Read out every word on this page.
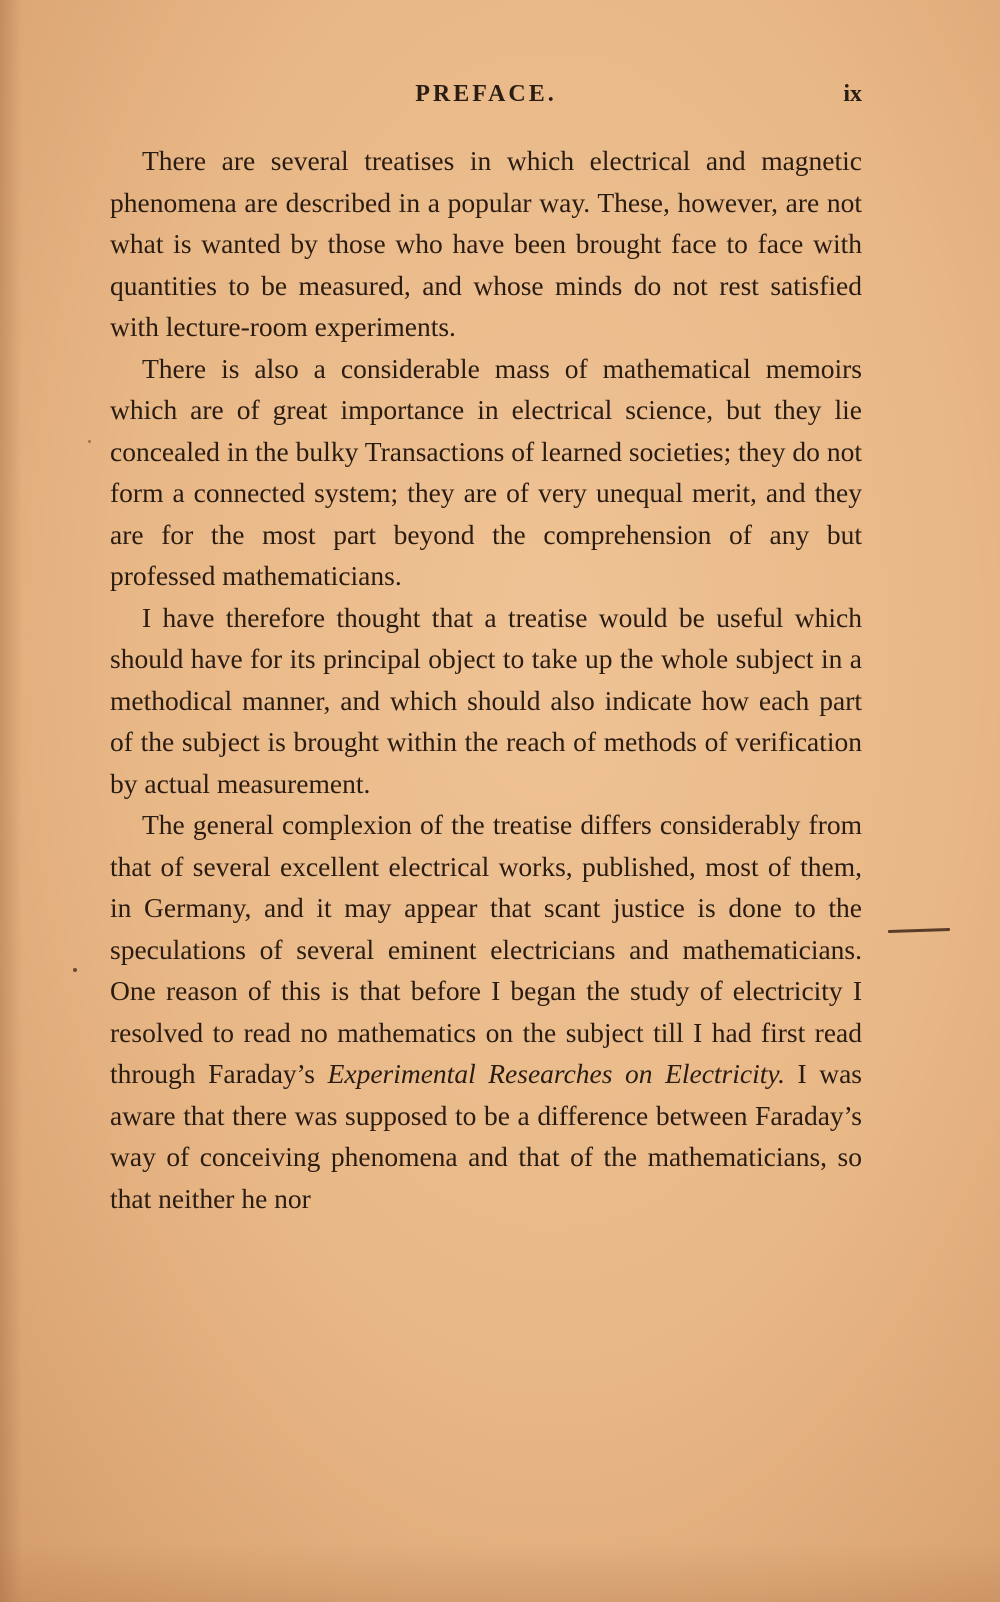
PREFACE.	ix

There are several treatises in which electrical and magnetic phenomena are described in a popular way. These, however, are not what is wanted by those who have been brought face to face with quantities to be measured, and whose minds do not rest satisfied with lecture-room experiments.

There is also a considerable mass of mathematical memoirs which are of great importance in electrical science, but they lie concealed in the bulky Transactions of learned societies; they do not form a connected system; they are of very unequal merit, and they are for the most part beyond the comprehension of any but professed mathematicians.

I have therefore thought that a treatise would be useful which should have for its principal object to take up the whole subject in a methodical manner, and which should also indicate how each part of the subject is brought within the reach of methods of verification by actual measurement.

The general complexion of the treatise differs considerably from that of several excellent electrical works, published, most of them, in Germany, and it may appear that scant justice is done to the speculations of several eminent electricians and mathematicians. One reason of this is that before I began the study of electricity I resolved to read no mathematics on the subject till I had first read through Faraday’s Experimental Researches on Electricity. I was aware that there was supposed to be a difference between Faraday’s way of conceiving phenomena and that of the mathematicians, so that neither he nor
